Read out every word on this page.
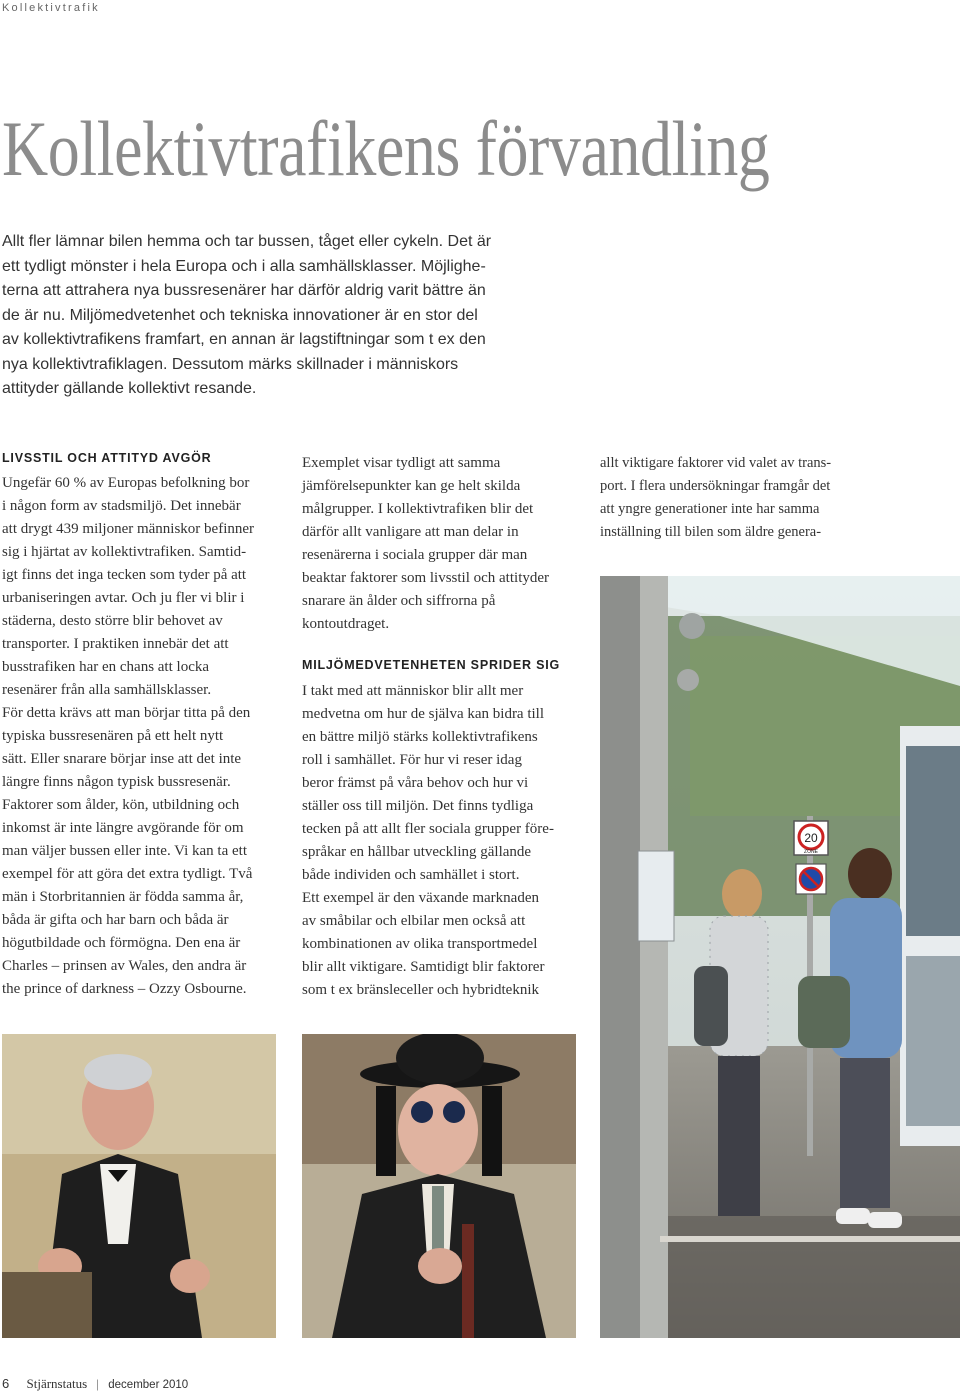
Kollektivtrafik
Kollektivtrafikens förvandling
Allt fler lämnar bilen hemma och tar bussen, tåget eller cykeln. Det är
ett tydligt mönster i hela Europa och i alla samhällsklasser. Möjlighe-
terna att attrahera nya bussresenärer har därför aldrig varit bättre än
de är nu. Miljömedvetenhet och tekniska innovationer är en stor del
av kollektivtrafikens framfart, en annan är lagstiftningar som t ex den
nya kollektivtrafiklagen. Dessutom märks skillnader i människors
attityder gällande kollektivt resande.
LIVSSTIL OCH ATTITYD AVGÖR
Ungefär 60 % av Europas befolkning bor
i någon form av stadsmiljö. Det innebär
att drygt 439 miljoner människor befinner
sig i hjärtat av kollektivtrafiken. Samtid-
igt finns det inga tecken som tyder på att
urbaniseringen avtar. Och ju fler vi blir i
städerna, desto större blir behovet av
transporter. I praktiken innebär det att
busstrafiken har en chans att locka
resenärer från alla samhällsklasser.
För detta krävs att man börjar titta på den
typiska bussresenären på ett helt nytt
sätt. Eller snarare börjar inse att det inte
längre finns någon typisk bussresenär.
Faktorer som ålder, kön, utbildning och
inkomst är inte längre avgörande för om
man väljer bussen eller inte. Vi kan ta ett
exempel för att göra det extra tydligt. Två
män i Storbritannien är födda samma år,
båda är gifta och har barn och båda är
högutbildade och förmögna. Den ena är
Charles – prinsen av Wales, den andra är
the prince of darkness – Ozzy Osbourne.
Exemplet visar tydligt att samma
jämförelsepunkter kan ge helt skilda
målgrupper. I kollektivtrafiken blir det
därför allt vanligare att man delar in
resenärerna i sociala grupper där man
beaktar faktorer som livsstil och attityder
snarare än ålder och siffrorna på
kontoutdraget.
MILJÖMEDVETENHETEN SPRIDER SIG
I takt med att människor blir allt mer
medvetna om hur de själva kan bidra till
en bättre miljö stärks kollektivtrafikens
roll i samhället. För hur vi reser idag
beror främst på våra behov och hur vi
ställer oss till miljön. Det finns tydliga
tecken på att allt fler sociala grupper före-
språkar en hållbar utveckling gällande
både individen och samhället i stort.
Ett exempel är den växande marknaden
av småbilar och elbilar men också att
kombinationen av olika transportmedel
blir allt viktigare. Samtidigt blir faktorer
som t ex bränsleceller och hybridteknik
allt viktigare faktorer vid valet av trans-
port. I flera undersökningar framgår det
att yngre generationer inte har samma
inställning till bilen som äldre genera-
20
ZONE
6 Stjärnstatus | december 2010
